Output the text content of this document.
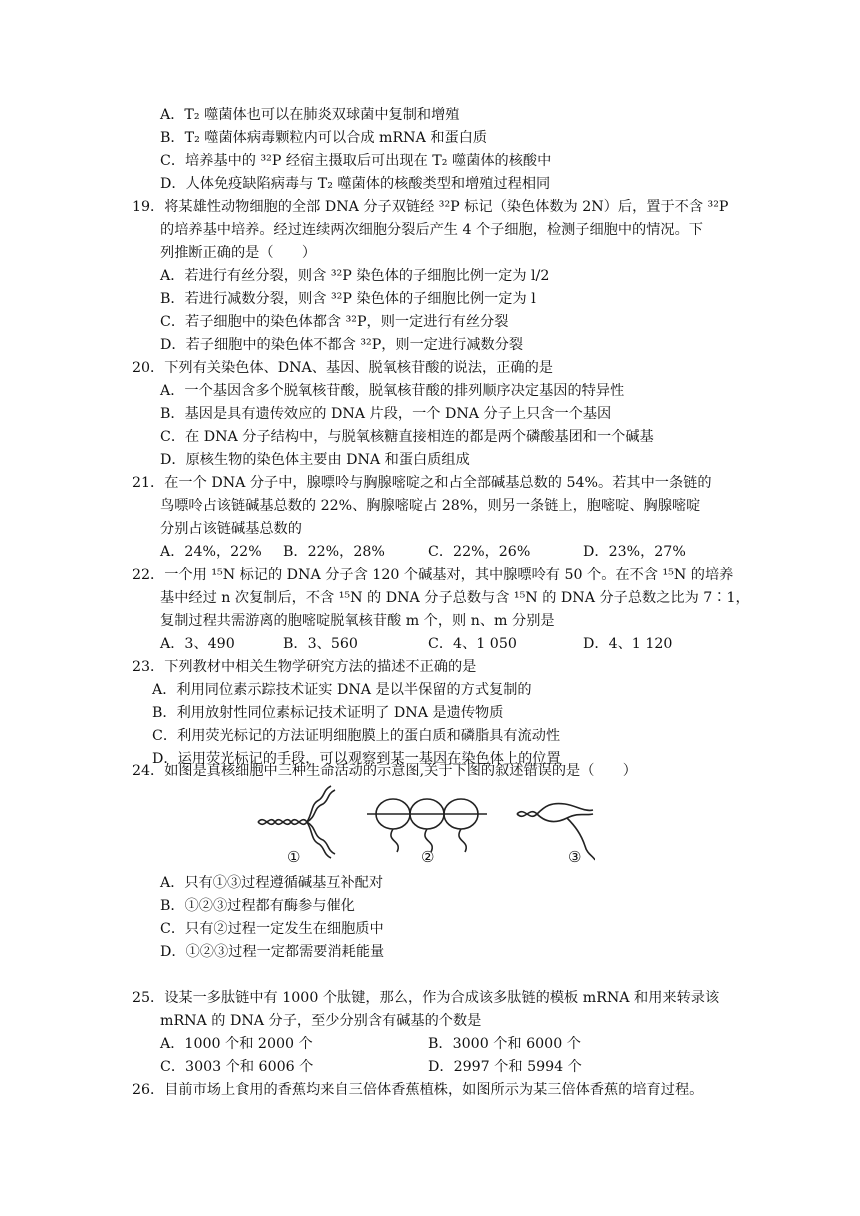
A．T₂ 噬菌体也可以在肺炎双球菌中复制和增殖
B．T₂ 噬菌体病毒颗粒内可以合成 mRNA 和蛋白质
C．培养基中的 ³²P 经宿主摄取后可出现在 T₂ 噬菌体的核酸中
D．人体免疫缺陷病毒与 T₂ 噬菌体的核酸类型和增殖过程相同
19．将某雄性动物细胞的全部 DNA 分子双链经 ³²P 标记（染色体数为 2N）后，置于不含 ³²P
的培养基中培养。经过连续两次细胞分裂后产生 4 个子细胞，检测子细胞中的情况。下
列推断正确的是（　　）
A．若进行有丝分裂，则含 ³²P 染色体的子细胞比例一定为 l/2
B．若进行减数分裂，则含 ³²P 染色体的子细胞比例一定为 l
C．若子细胞中的染色体都含 ³²P，则一定进行有丝分裂
D．若子细胞中的染色体不都含 ³²P，则一定进行减数分裂
20．下列有关染色体、DNA、基因、脱氧核苷酸的说法，正确的是
A．一个基因含多个脱氧核苷酸，脱氧核苷酸的排列顺序决定基因的特异性
B．基因是具有遗传效应的 DNA 片段，一个 DNA 分子上只含一个基因
C．在 DNA 分子结构中，与脱氧核糖直接相连的都是两个磷酸基团和一个碱基
D．原核生物的染色体主要由 DNA 和蛋白质组成
21．在一个 DNA 分子中，腺嘌呤与胸腺嘧啶之和占全部碱基总数的 54%。若其中一条链的
鸟嘌呤占该链碱基总数的 22%、胸腺嘧啶占 28%，则另一条链上，胞嘧啶、胸腺嘧啶
分别占该链碱基总数的
A．24%，22% B．22%，28%	C．22%，26%	D．23%，27%
22．一个用 ¹⁵N 标记的 DNA 分子含 120 个碱基对，其中腺嘌呤有 50 个。在不含 ¹⁵N 的培养
基中经过 n 次复制后，不含 ¹⁵N 的 DNA 分子总数与含 ¹⁵N 的 DNA 分子总数之比为 7∶1，
复制过程共需游离的胞嘧啶脱氧核苷酸 m 个，则 n、m 分别是
A．3、490	B．3、560	C．4、1 050	D．4、1 120
23．下列教材中相关生物学研究方法的描述不正确的是
A．利用同位素示踪技术证实 DNA 是以半保留的方式复制的
B．利用放射性同位素标记技术证明了 DNA 是遗传物质
C．利用荧光标记的方法证明细胞膜上的蛋白质和磷脂具有流动性
D．运用荧光标记的手段，可以观察到某一基因在染色体上的位置
24．如图是真核细胞中三种生命活动的示意图,关于下图的叙述错误的是（　　）
①	②	③
A．只有①③过程遵循碱基互补配对
B．①②③过程都有酶参与催化
C．只有②过程一定发生在细胞质中
D．①②③过程一定都需要消耗能量
25．设某一多肽链中有 1000 个肽键，那么，作为合成该多肽链的模板 mRNA 和用来转录该
mRNA 的 DNA 分子，至少分别含有碱基的个数是
A．1000 个和 2000 个	B．3000 个和 6000 个
C．3003 个和 6006 个	D．2997 个和 5994 个
26．目前市场上食用的香蕉均来自三倍体香蕉植株，如图所示为某三倍体香蕉的培育过程。
